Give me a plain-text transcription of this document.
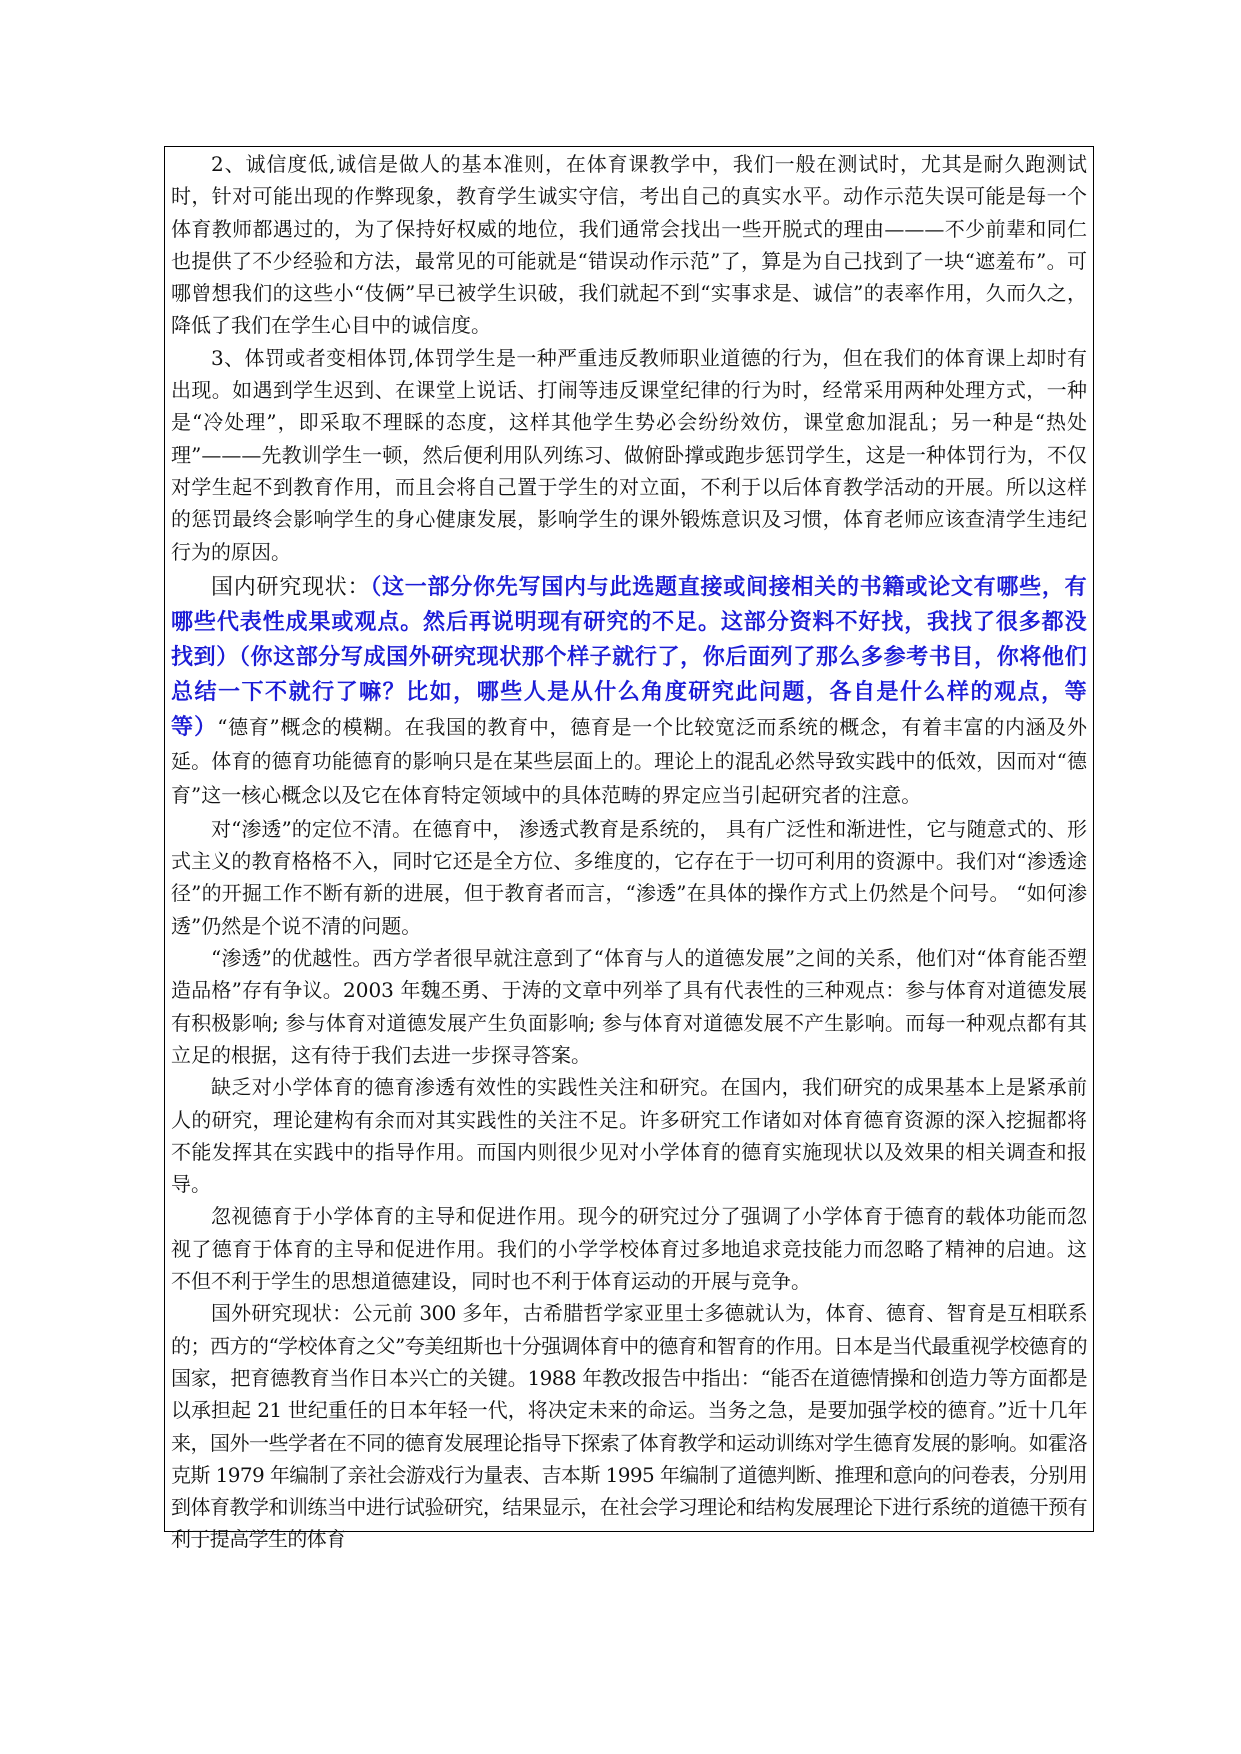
2、诚信度低,诚信是做人的基本准则，在体育课教学中，我们一般在测试时，尤其是耐久跑测试时，针对可能出现的作弊现象，教育学生诚实守信，考出自己的真实水平。动作示范失误可能是每一个体育教师都遇过的，为了保持好权威的地位，我们通常会找出一些开脱式的理由———不少前辈和同仁也提供了不少经验和方法，最常见的可能就是“错误动作示范”了，算是为自己找到了一块“遮羞布”。可哪曾想我们的这些小“伎俩”早已被学生识破，我们就起不到“实事求是、诚信”的表率作用，久而久之，降低了我们在学生心目中的诚信度。

3、体罚或者变相体罚,体罚学生是一种严重违反教师职业道德的行为，但在我们的体育课上却时有出现。如遇到学生迟到、在课堂上说话、打闹等违反课堂纪律的行为时，经常采用两种处理方式，一种是“冷处理”，即采取不理睬的态度，这样其他学生势必会纷纷效仿，课堂愈加混乱；另一种是“热处理”———先教训学生一顿，然后便利用队列练习、做俯卧撑或跑步惩罚学生，这是一种体罚行为，不仅对学生起不到教育作用，而且会将自己置于学生的对立面，不利于以后体育教学活动的开展。所以这样的惩罚最终会影响学生的身心健康发展，影响学生的课外锻炼意识及习惯，体育老师应该查清学生违纪行为的原因。

国内研究现状：（这一部分你先写国内与此选题直接或间接相关的书籍或论文有哪些，有哪些代表性成果或观点。然后再说明现有研究的不足。这部分资料不好找，我找了很多都没找到）（你这部分写成国外研究现状那个样子就行了，你后面列了那么多参考书目，你将他们总结一下不就行了嘛？比如，哪些人是从什么角度研究此问题，各自是什么样的观点，等等）“德育”概念的模糊。在我国的教育中，德育是一个比较宽泛而系统的概念，有着丰富的内涵及外延。体育的德育功能德育的影响只是在某些层面上的。理论上的混乱必然导致实践中的低效，因而对“德育”这一核心概念以及它在体育特定领域中的具体范畴的界定应当引起研究者的注意。

对“渗透”的定位不清。在德育中， 渗透式教育是系统的， 具有广泛性和渐进性，它与随意式的、形式主义的教育格格不入，同时它还是全方位、多维度的，它存在于一切可利用的资源中。我们对“渗透途径”的开掘工作不断有新的进展，但于教育者而言，“渗透”在具体的操作方式上仍然是个问号。 “如何渗透”仍然是个说不清的问题。

“渗透”的优越性。西方学者很早就注意到了“体育与人的道德发展”之间的关系，他们对“体育能否塑造品格”存有争议。2003 年魏丕勇、于涛的文章中列举了具有代表性的三种观点：参与体育对道德发展有积极影响; 参与体育对道德发展产生负面影响; 参与体育对道德发展不产生影响。而每一种观点都有其立足的根据，这有待于我们去进一步探寻答案。

缺乏对小学体育的德育渗透有效性的实践性关注和研究。在国内，我们研究的成果基本上是紧承前人的研究，理论建构有余而对其实践性的关注不足。许多研究工作诸如对体育德育资源的深入挖掘都将不能发挥其在实践中的指导作用。而国内则很少见对小学体育的德育实施现状以及效果的相关调查和报导。

忽视德育于小学体育的主导和促进作用。现今的研究过分了强调了小学体育于德育的载体功能而忽视了德育于体育的主导和促进作用。我们的小学学校体育过多地追求竞技能力而忽略了精神的启迪。这不但不利于学生的思想道德建设，同时也不利于体育运动的开展与竞争。

国外研究现状：公元前 300 多年，古希腊哲学家亚里士多德就认为，体育、德育、智育是互相联系的；西方的“学校体育之父”夸美纽斯也十分强调体育中的德育和智育的作用。日本是当代最重视学校德育的国家，把育德教育当作日本兴亡的关键。1988 年教改报告中指出：“能否在道德情操和创造力等方面都是以承担起 21 世纪重任的日本年轻一代，将决定未来的命运。当务之急，是要加强学校的德育。”近十几年来，国外一些学者在不同的德育发展理论指导下探索了体育教学和运动训练对学生德育发展的影响。如霍洛克斯 1979 年编制了亲社会游戏行为量表、吉本斯 1995 年编制了道德判断、推理和意向的问卷表，分别用到体育教学和训练当中进行试验研究，结果显示，在社会学习理论和结构发展理论下进行系统的道德干预有利于提高学生的体育
